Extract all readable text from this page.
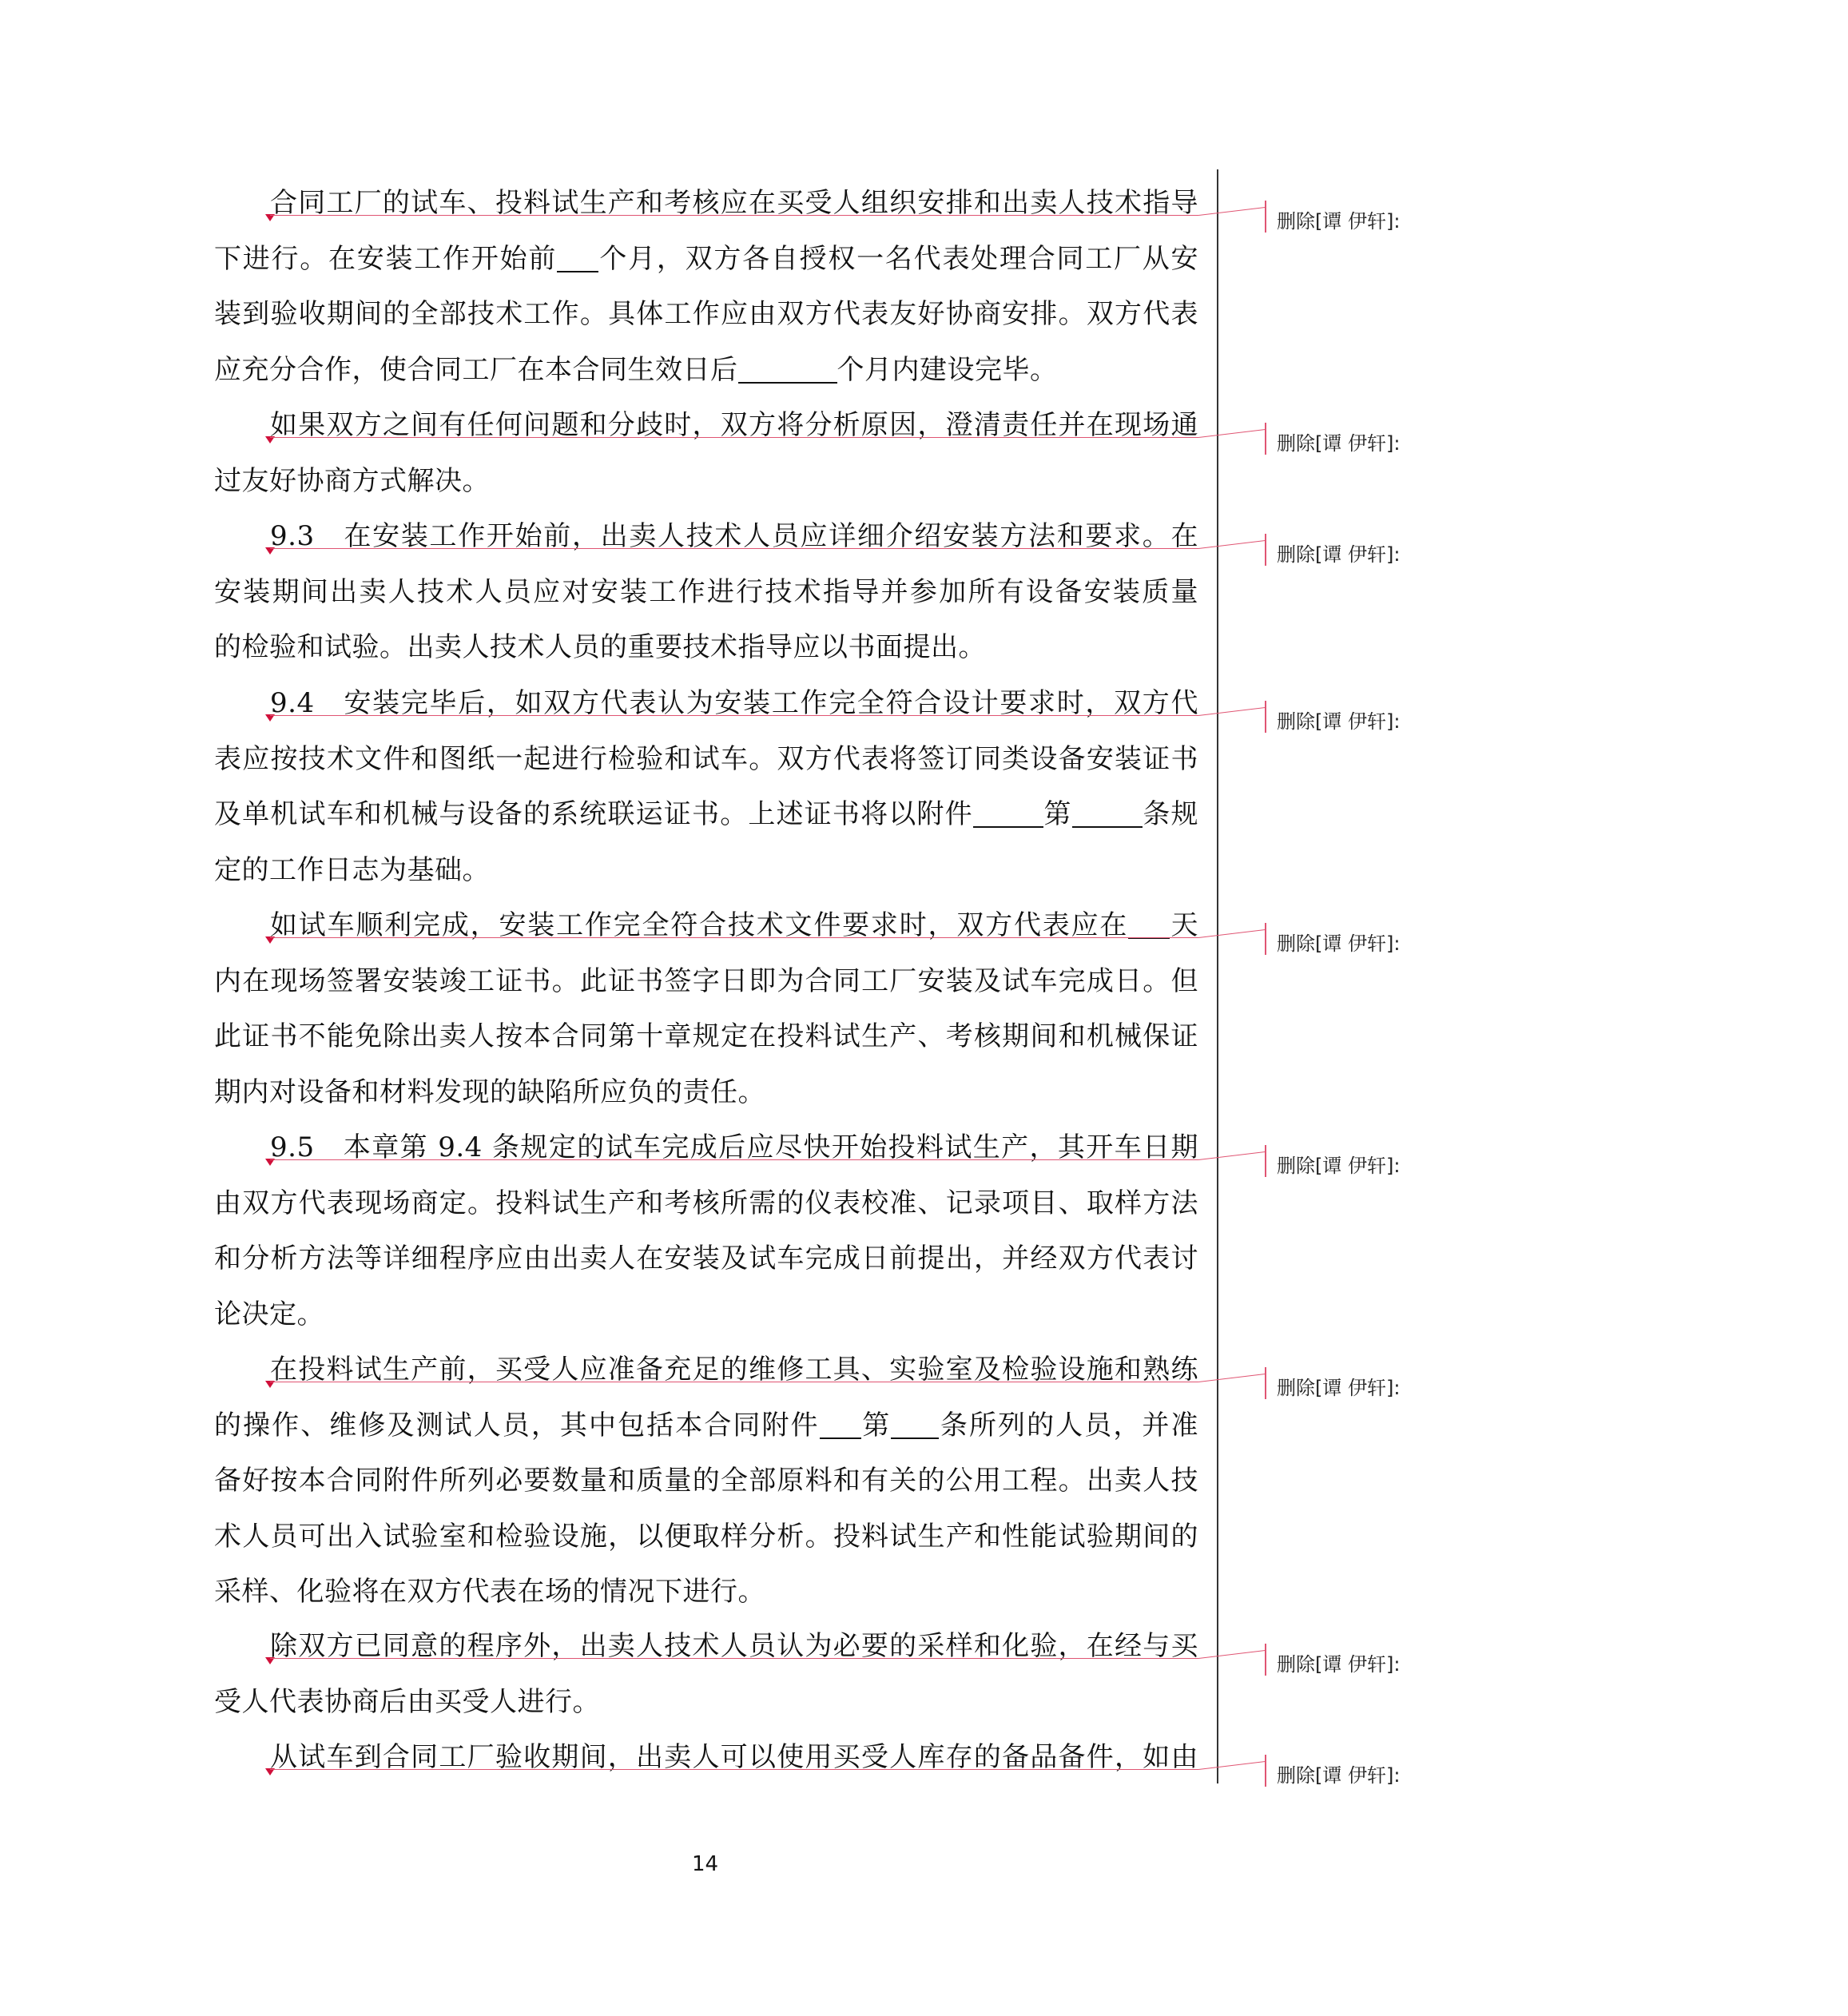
合同工厂的试车、投料试生产和考核应在买受人组织安排和出卖人技术指导
下进行。在安装工作开始前 个月，双方各自授权一名代表处理合同工厂从安
装到验收期间的全部技术工作。具体工作应由双方代表友好协商安排。双方代表
应充分合作，使合同工厂在本合同生效日后	个月内建设完毕。
如果双方之间有任何问题和分歧时，双方将分析原因，澄清责任并在现场通
过友好协商方式解决。
9.3　在安装工作开始前，出卖人技术人员应详细介绍安装方法和要求。在
安装期间出卖人技术人员应对安装工作进行技术指导并参加所有设备安装质量
的检验和试验。出卖人技术人员的重要技术指导应以书面提出。
9.4　安装完毕后，如双方代表认为安装工作完全符合设计要求时，双方代
表应按技术文件和图纸一起进行检验和试车。双方代表将签订同类设备安装证书
及单机试车和机械与设备的系统联运证书。上述证书将以附件	第	条规
定的工作日志为基础。
如试车顺利完成，安装工作完全符合技术文件要求时，双方代表应在 天
内在现场签署安装竣工证书。此证书签字日即为合同工厂安装及试车完成日。但
此证书不能免除出卖人按本合同第十章规定在投料试生产、考核期间和机械保证
期内对设备和材料发现的缺陷所应负的责任。
9.5　本章第 9.4 条规定的试车完成后应尽快开始投料试生产，其开车日期
由双方代表现场商定。投料试生产和考核所需的仪表校准、记录项目、取样方法
和分析方法等详细程序应由出卖人在安装及试车完成日前提出，并经双方代表讨
论决定。
在投料试生产前，买受人应准备充足的维修工具、实验室及检验设施和熟练
的操作、维修及测试人员，其中包括本合同附件 第 条所列的人员，并准
备好按本合同附件所列必要数量和质量的全部原料和有关的公用工程。出卖人技
术人员可出入试验室和检验设施，以便取样分析。投料试生产和性能试验期间的
采样、化验将在双方代表在场的情况下进行。
除双方已同意的程序外，出卖人技术人员认为必要的采样和化验，在经与买
受人代表协商后由买受人进行。
从试车到合同工厂验收期间，出卖人可以使用买受人库存的备品备件，如由
删除[谭 伊轩]:
删除[谭 伊轩]:
删除[谭 伊轩]:
删除[谭 伊轩]:
删除[谭 伊轩]:
删除[谭 伊轩]:
删除[谭 伊轩]:
删除[谭 伊轩]:
删除[谭 伊轩]:
14
